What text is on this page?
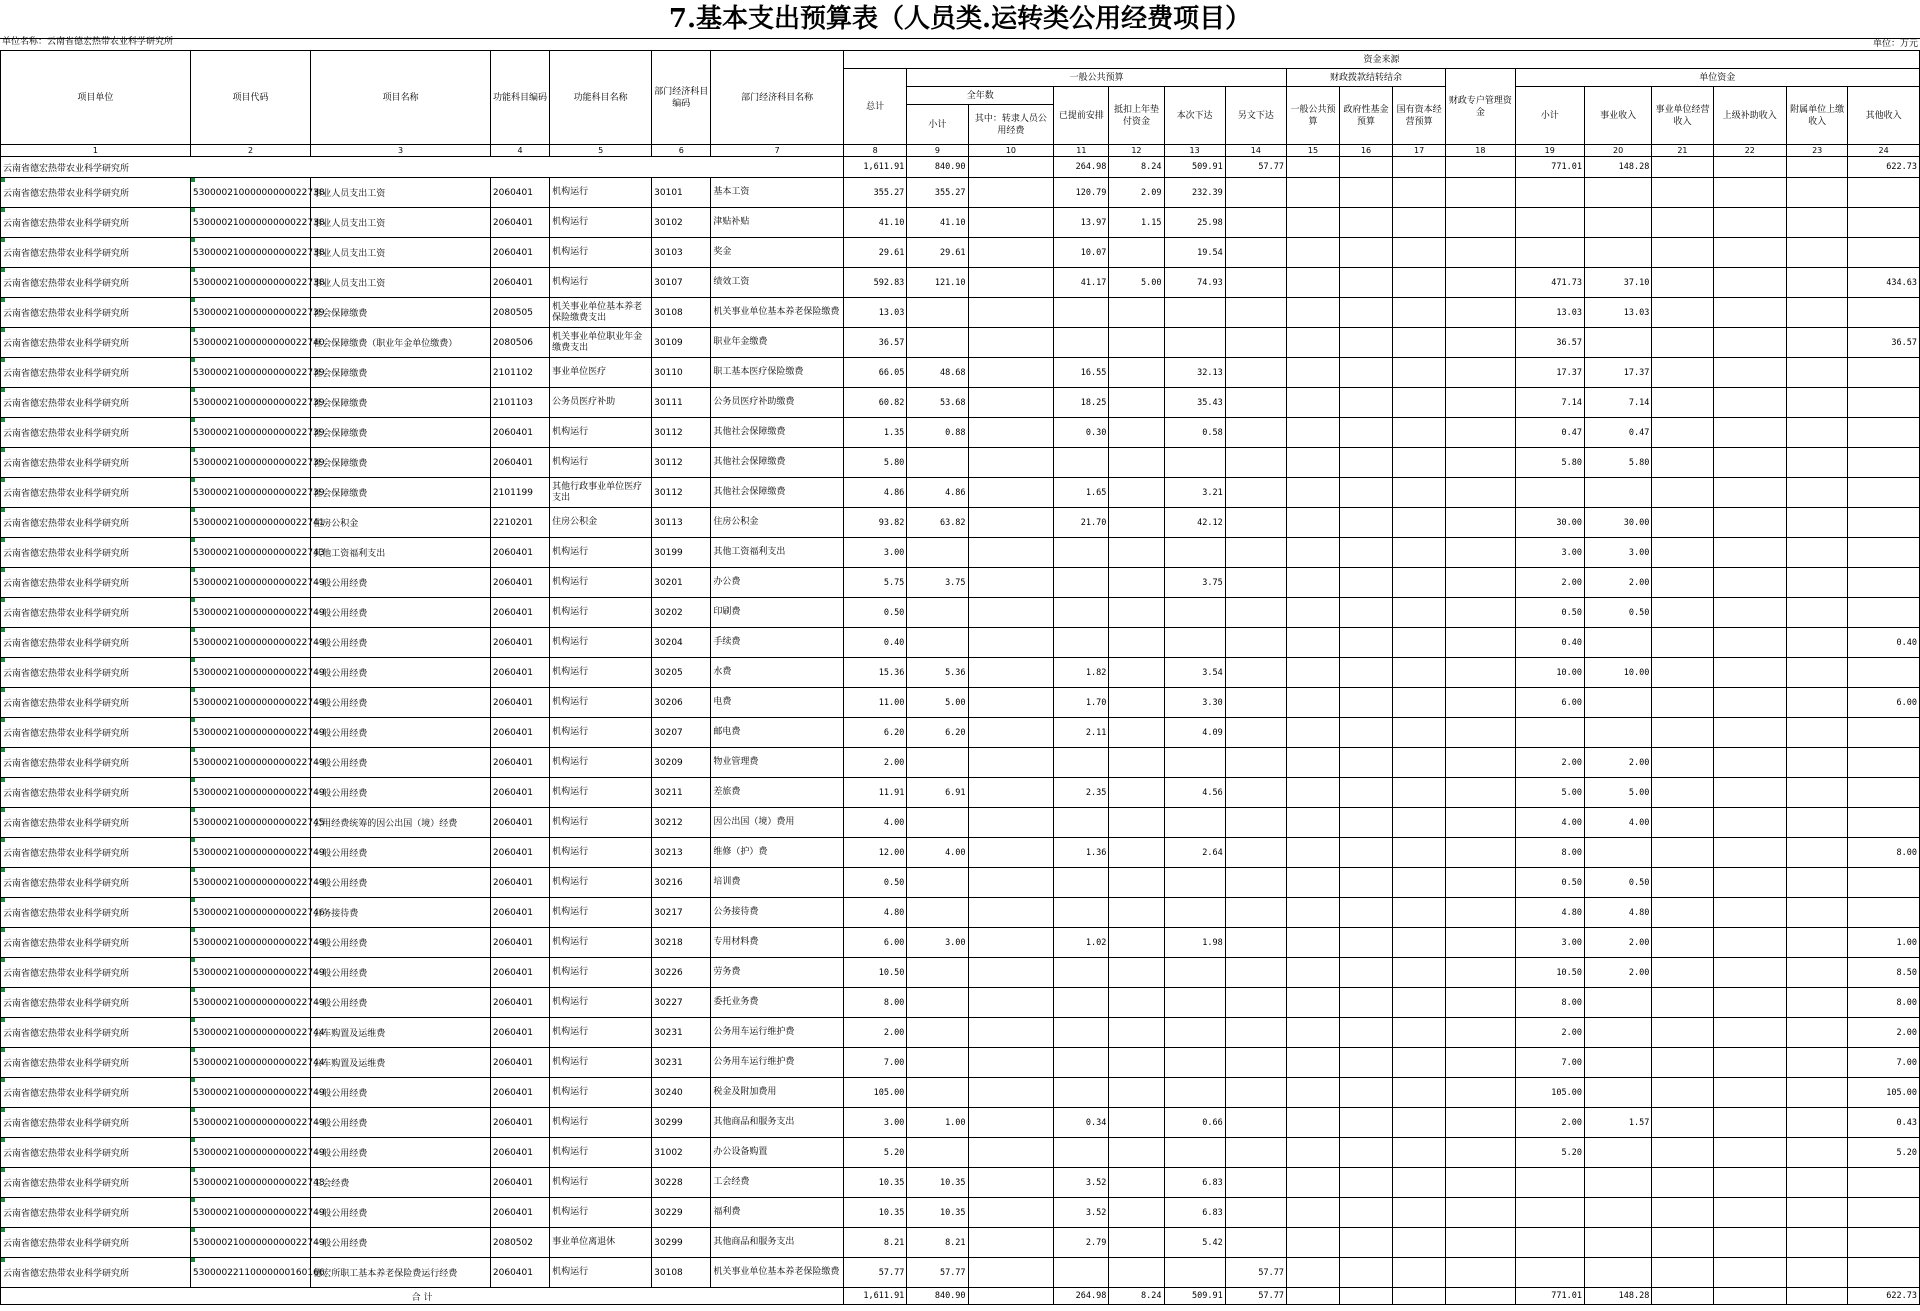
7.基本支出预算表（人员类.运转类公用经费项目）
单位名称：云南省德宏热带农业科学研究所	单位：万元
项目单位	项目代码	项目名称	功能科目编码	功能科目名称	部门经济科目编码	部门经济科目名称	资金来源																
							总计	一般公共预算						财政拨款结转结余			财政专户管理资金	单位资金					
								全年数		已提前安排	抵扣上年垫付资金	本次下达	另文下达	一般公共预算	政府性基金预算	国有资本经营预算		小计	事业收入	事业单位经营收入	上级补助收入	附属单位上缴收入	其他收入
								小计	其中：转隶人员公用经费														
1	2	3	4	5	6	7	8	9	10	11	12	13	14	15	16	17	18	19	20	21	22	23	24
云南省德宏热带农业科学研究所							1,611.91	840.90		264.98	8.24	509.91	57.77					771.01	148.28				622.73
云南省德宏热带农业科学研究所	53000021000000000022738	事业人员支出工资	2060401	机构运行	30101	基本工资	355.27	355.27		120.79	2.09	232.39											
云南省德宏热带农业科学研究所	53000021000000000022738	事业人员支出工资	2060401	机构运行	30102	津贴补贴	41.10	41.10		13.97	1.15	25.98											
云南省德宏热带农业科学研究所	53000021000000000022738	事业人员支出工资	2060401	机构运行	30103	奖金	29.61	29.61		10.07		19.54											
云南省德宏热带农业科学研究所	53000021000000000022738	事业人员支出工资	2060401	机构运行	30107	绩效工资	592.83	121.10		41.17	5.00	74.93						471.73	37.10				434.63
云南省德宏热带农业科学研究所	53000021000000000022739	社会保障缴费	2080505	机关事业单位基本养老保险缴费支出	30108	机关事业单位基本养老保险缴费	13.03											13.03	13.03				
云南省德宏热带农业科学研究所	53000021000000000022740	社会保障缴费（职业年金单位缴费）	2080506	机关事业单位职业年金缴费支出	30109	职业年金缴费	36.57											36.57					36.57
云南省德宏热带农业科学研究所	53000021000000000022739	社会保障缴费	2101102	事业单位医疗	30110	职工基本医疗保险缴费	66.05	48.68		16.55		32.13						17.37	17.37				
云南省德宏热带农业科学研究所	53000021000000000022739	社会保障缴费	2101103	公务员医疗补助	30111	公务员医疗补助缴费	60.82	53.68		18.25		35.43						7.14	7.14				
云南省德宏热带农业科学研究所	53000021000000000022739	社会保障缴费	2060401	机构运行	30112	其他社会保障缴费	1.35	0.88		0.30		0.58						0.47	0.47				
云南省德宏热带农业科学研究所	53000021000000000022739	社会保障缴费	2060401	机构运行	30112	其他社会保障缴费	5.80											5.80	5.80				
云南省德宏热带农业科学研究所	53000021000000000022739	社会保障缴费	2101199	其他行政事业单位医疗支出	30112	其他社会保障缴费	4.86	4.86		1.65		3.21											
云南省德宏热带农业科学研究所	53000021000000000022741	住房公积金	2210201	住房公积金	30113	住房公积金	93.82	63.82		21.70		42.12						30.00	30.00				
云南省德宏热带农业科学研究所	53000021000000000022743	其他工资福利支出	2060401	机构运行	30199	其他工资福利支出	3.00											3.00	3.00				
云南省德宏热带农业科学研究所	53000021000000000022749	一般公用经费	2060401	机构运行	30201	办公费	5.75	3.75				3.75						2.00	2.00				
云南省德宏热带农业科学研究所	53000021000000000022749	一般公用经费	2060401	机构运行	30202	印刷费	0.50											0.50	0.50				
云南省德宏热带农业科学研究所	53000021000000000022749	一般公用经费	2060401	机构运行	30204	手续费	0.40											0.40					0.40
云南省德宏热带农业科学研究所	53000021000000000022749	一般公用经费	2060401	机构运行	30205	水费	15.36	5.36		1.82		3.54						10.00	10.00				
云南省德宏热带农业科学研究所	53000021000000000022749	一般公用经费	2060401	机构运行	30206	电费	11.00	5.00		1.70		3.30						6.00					6.00
云南省德宏热带农业科学研究所	53000021000000000022749	一般公用经费	2060401	机构运行	30207	邮电费	6.20	6.20		2.11		4.09											
云南省德宏热带农业科学研究所	53000021000000000022749	一般公用经费	2060401	机构运行	30209	物业管理费	2.00											2.00	2.00				
云南省德宏热带农业科学研究所	53000021000000000022749	一般公用经费	2060401	机构运行	30211	差旅费	11.91	6.91		2.35		4.56						5.00	5.00				
云南省德宏热带农业科学研究所	53000021000000000022745	公用经费统筹的因公出国（境）经费	2060401	机构运行	30212	因公出国（境）费用	4.00											4.00	4.00				
云南省德宏热带农业科学研究所	53000021000000000022749	一般公用经费	2060401	机构运行	30213	维修（护）费	12.00	4.00		1.36		2.64						8.00					8.00
云南省德宏热带农业科学研究所	53000021000000000022749	一般公用经费	2060401	机构运行	30216	培训费	0.50											0.50	0.50				
云南省德宏热带农业科学研究所	53000021000000000022746	公务接待费	2060401	机构运行	30217	公务接待费	4.80											4.80	4.80				
云南省德宏热带农业科学研究所	53000021000000000022749	一般公用经费	2060401	机构运行	30218	专用材料费	6.00	3.00		1.02		1.98						3.00	2.00				1.00
云南省德宏热带农业科学研究所	53000021000000000022749	一般公用经费	2060401	机构运行	30226	劳务费	10.50											10.50	2.00				8.50
云南省德宏热带农业科学研究所	53000021000000000022749	一般公用经费	2060401	机构运行	30227	委托业务费	8.00											8.00					8.00
云南省德宏热带农业科学研究所	53000021000000000022744	公车购置及运维费	2060401	机构运行	30231	公务用车运行维护费	2.00											2.00					2.00
云南省德宏热带农业科学研究所	53000021000000000022744	公车购置及运维费	2060401	机构运行	30231	公务用车运行维护费	7.00											7.00					7.00
云南省德宏热带农业科学研究所	53000021000000000022749	一般公用经费	2060401	机构运行	30240	税金及附加费用	105.00											105.00					105.00
云南省德宏热带农业科学研究所	53000021000000000022749	一般公用经费	2060401	机构运行	30299	其他商品和服务支出	3.00	1.00		0.34		0.66						2.00	1.57				0.43
云南省德宏热带农业科学研究所	53000021000000000022749	一般公用经费	2060401	机构运行	31002	办公设备购置	5.20											5.20					5.20
云南省德宏热带农业科学研究所	53000021000000000022748	工会经费	2060401	机构运行	30228	工会经费	10.35	10.35		3.52		6.83											
云南省德宏热带农业科学研究所	53000021000000000022749	一般公用经费	2060401	机构运行	30229	福利费	10.35	10.35		3.52		6.83											
云南省德宏热带农业科学研究所	53000021000000000022749	一般公用经费	2080502	事业单位离退休	30299	其他商品和服务支出	8.21	8.21		2.79		5.42											
云南省德宏热带农业科学研究所	53000022110000000160166	德宏所职工基本养老保险费运行经费	2060401	机构运行	30108	机关事业单位基本养老保险缴费	57.77	57.77					57.77										
合 计							1,611.91	840.90		264.98	8.24	509.91	57.77					771.01	148.28				622.73
